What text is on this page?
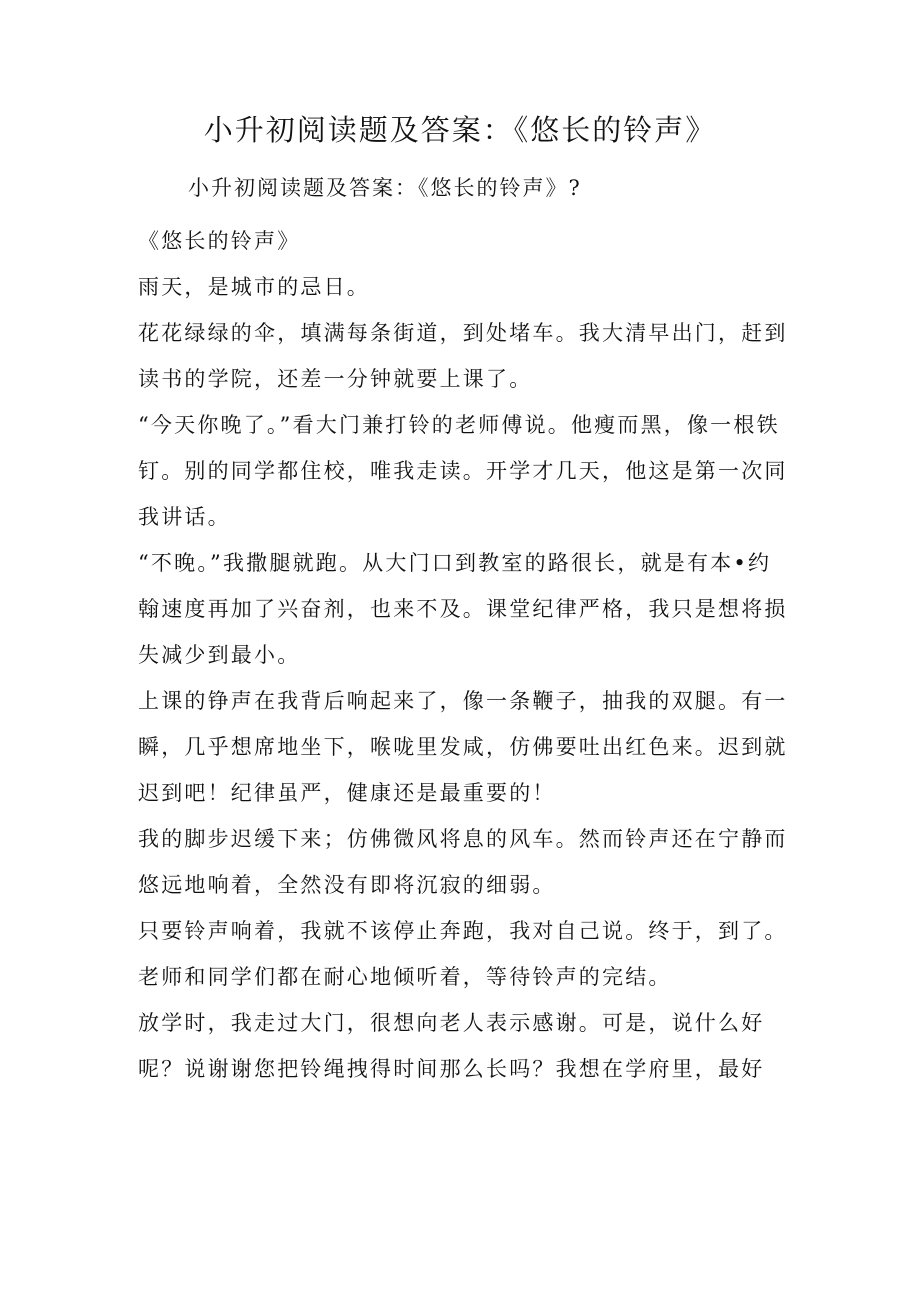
小升初阅读题及答案：《悠长的铃声》
小升初阅读题及答案：《悠长的铃声》?

《悠长的铃声》

雨天，是城市的忌日。

花花绿绿的伞，填满每条街道，到处堵车。我大清早出门，赶到读书的学院，还差一分钟就要上课了。

“今天你晚了。”看大门兼打铃的老师傅说。他瘦而黑，像一根铁钉。别的同学都住校，唯我走读。开学才几天，他这是第一次同我讲话。

“不晚。”我撒腿就跑。从大门口到教室的路很长，就是有本•约翰速度再加了兴奋剂，也来不及。课堂纪律严格，我只是想将损失减少到最小。

上课的铮声在我背后响起来了，像一条鞭子，抽我的双腿。有一瞬，几乎想席地坐下，喉咙里发咸，仿佛要吐出红色来。迟到就迟到吧！纪律虽严，健康还是最重要的！

我的脚步迟缓下来；仿佛微风将息的风车。然而铃声还在宁静而悠远地响着，全然没有即将沉寂的细弱。

只要铃声响着，我就不该停止奔跑，我对自己说。终于，到了。

老师和同学们都在耐心地倾听着，等待铃声的完结。

放学时，我走过大门，很想向老人表示感谢。可是，说什么好呢？说谢谢您把铃绳拽得时间那么长吗？我想在学府里，最好
